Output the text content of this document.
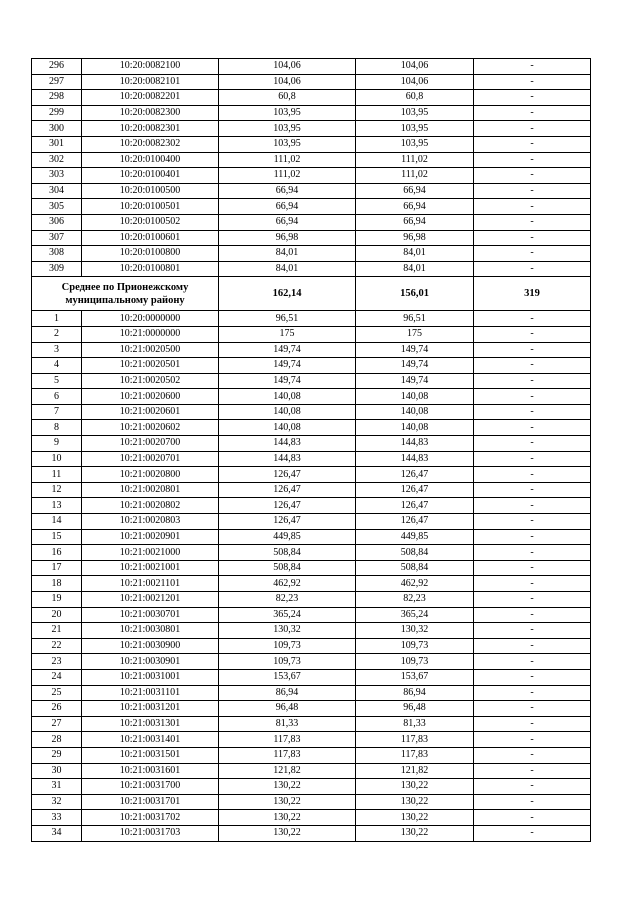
296	10:20:0082100	104,06	104,06	-
297	10:20:0082101	104,06	104,06	-
298	10:20:0082201	60,8	60,8	-
299	10:20:0082300	103,95	103,95	-
300	10:20:0082301	103,95	103,95	-
301	10:20:0082302	103,95	103,95	-
302	10:20:0100400	111,02	111,02	-
303	10:20:0100401	111,02	111,02	-
304	10:20:0100500	66,94	66,94	-
305	10:20:0100501	66,94	66,94	-
306	10:20:0100502	66,94	66,94	-
307	10:20:0100601	96,98	96,98	-
308	10:20:0100800	84,01	84,01	-
309	10:20:0100801	84,01	84,01	-
Среднее по Прионежскому муниципальному району		162,14	156,01	319
1	10:20:0000000	96,51	96,51	-
2	10:21:0000000	175	175	-
3	10:21:0020500	149,74	149,74	-
4	10:21:0020501	149,74	149,74	-
5	10:21:0020502	149,74	149,74	-
6	10:21:0020600	140,08	140,08	-
7	10:21:0020601	140,08	140,08	-
8	10:21:0020602	140,08	140,08	-
9	10:21:0020700	144,83	144,83	-
10	10:21:0020701	144,83	144,83	-
11	10:21:0020800	126,47	126,47	-
12	10:21:0020801	126,47	126,47	-
13	10:21:0020802	126,47	126,47	-
14	10:21:0020803	126,47	126,47	-
15	10:21:0020901	449,85	449,85	-
16	10:21:0021000	508,84	508,84	-
17	10:21:0021001	508,84	508,84	-
18	10:21:0021101	462,92	462,92	-
19	10:21:0021201	82,23	82,23	-
20	10:21:0030701	365,24	365,24	-
21	10:21:0030801	130,32	130,32	-
22	10:21:0030900	109,73	109,73	-
23	10:21:0030901	109,73	109,73	-
24	10:21:0031001	153,67	153,67	-
25	10:21:0031101	86,94	86,94	-
26	10:21:0031201	96,48	96,48	-
27	10:21:0031301	81,33	81,33	-
28	10:21:0031401	117,83	117,83	-
29	10:21:0031501	117,83	117,83	-
30	10:21:0031601	121,82	121,82	-
31	10:21:0031700	130,22	130,22	-
32	10:21:0031701	130,22	130,22	-
33	10:21:0031702	130,22	130,22	-
34	10:21:0031703	130,22	130,22	-
